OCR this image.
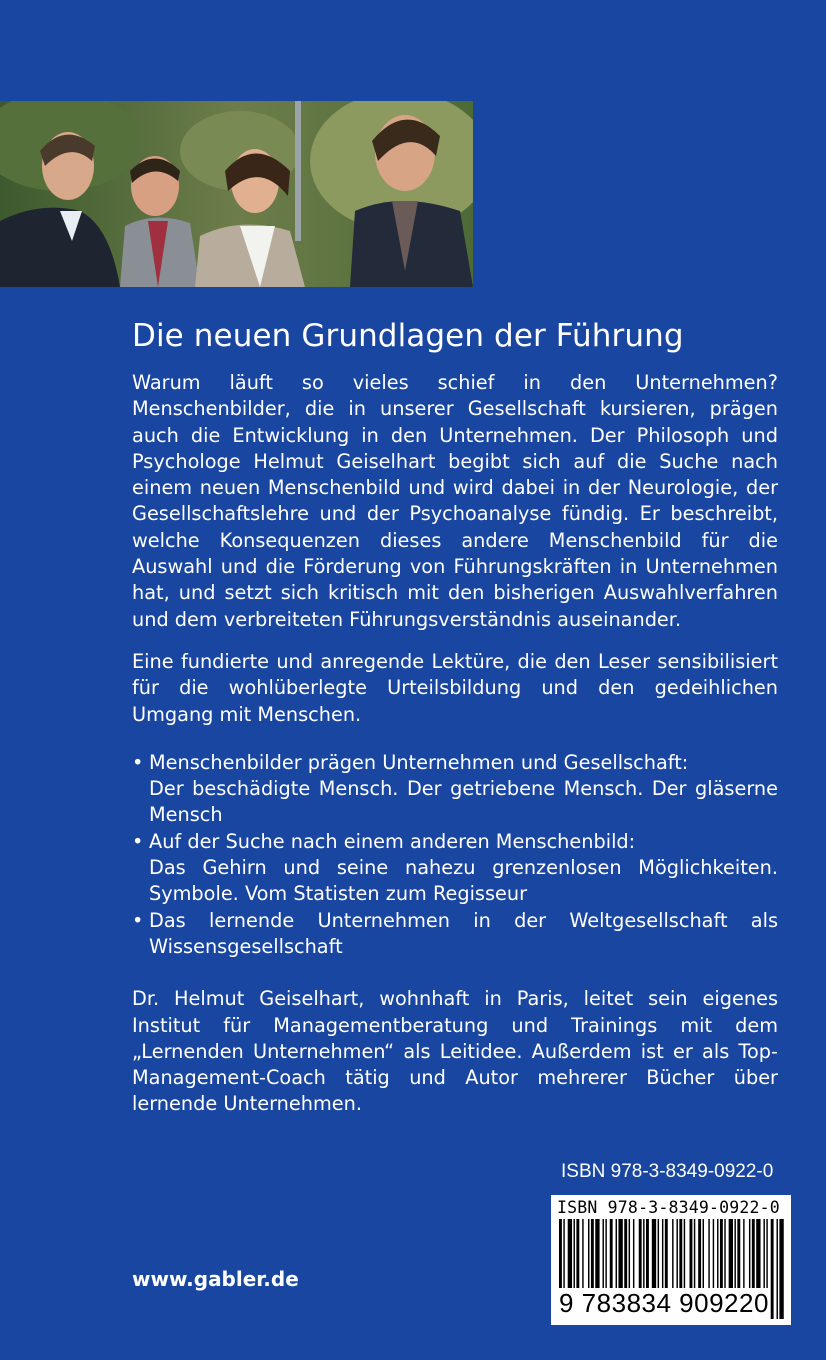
Die neuen Grundlagen der Führung

Warum läuft so vieles schief in den Unternehmen? Menschenbilder, die in unserer Gesellschaft kursieren, prägen auch die Entwicklung in den Unternehmen. Der Philosoph und Psychologe Helmut Geiselhart begibt sich auf die Suche nach einem neuen Menschenbild und wird dabei in der Neurologie, der Gesellschaftslehre und der Psychoanalyse fündig. Er beschreibt, welche Konsequenzen dieses andere Menschenbild für die Auswahl und die Förderung von Führungskräften in Unternehmen hat, und setzt sich kritisch mit den bisherigen Auswahlverfahren und dem verbreiteten Führungsverständnis auseinander.

Eine fundierte und anregende Lektüre, die den Leser sensibilisiert für die wohlüberlegte Urteilsbildung und den gedeihlichen Umgang mit Menschen.

• Menschenbilder prägen Unternehmen und Gesellschaft:
Der beschädigte Mensch. Der getriebene Mensch. Der gläserne Mensch
• Auf der Suche nach einem anderen Menschenbild:
Das Gehirn und seine nahezu grenzenlosen Möglichkeiten. Symbole. Vom Statisten zum Regisseur
• Das lernende Unternehmen in der Weltgesellschaft als Wissensgesellschaft

Dr. Helmut Geiselhart, wohnhaft in Paris, leitet sein eigenes Institut für Managementberatung und Trainings mit dem „Lernenden Unternehmen“ als Leitidee. Außerdem ist er als Top-Management-Coach tätig und Autor mehrerer Bücher über lernende Unternehmen.

ISBN 978-3-8349-0922-0
ISBN 978-3-8349-0922-0
9 783834 909220
www.gabler.de
